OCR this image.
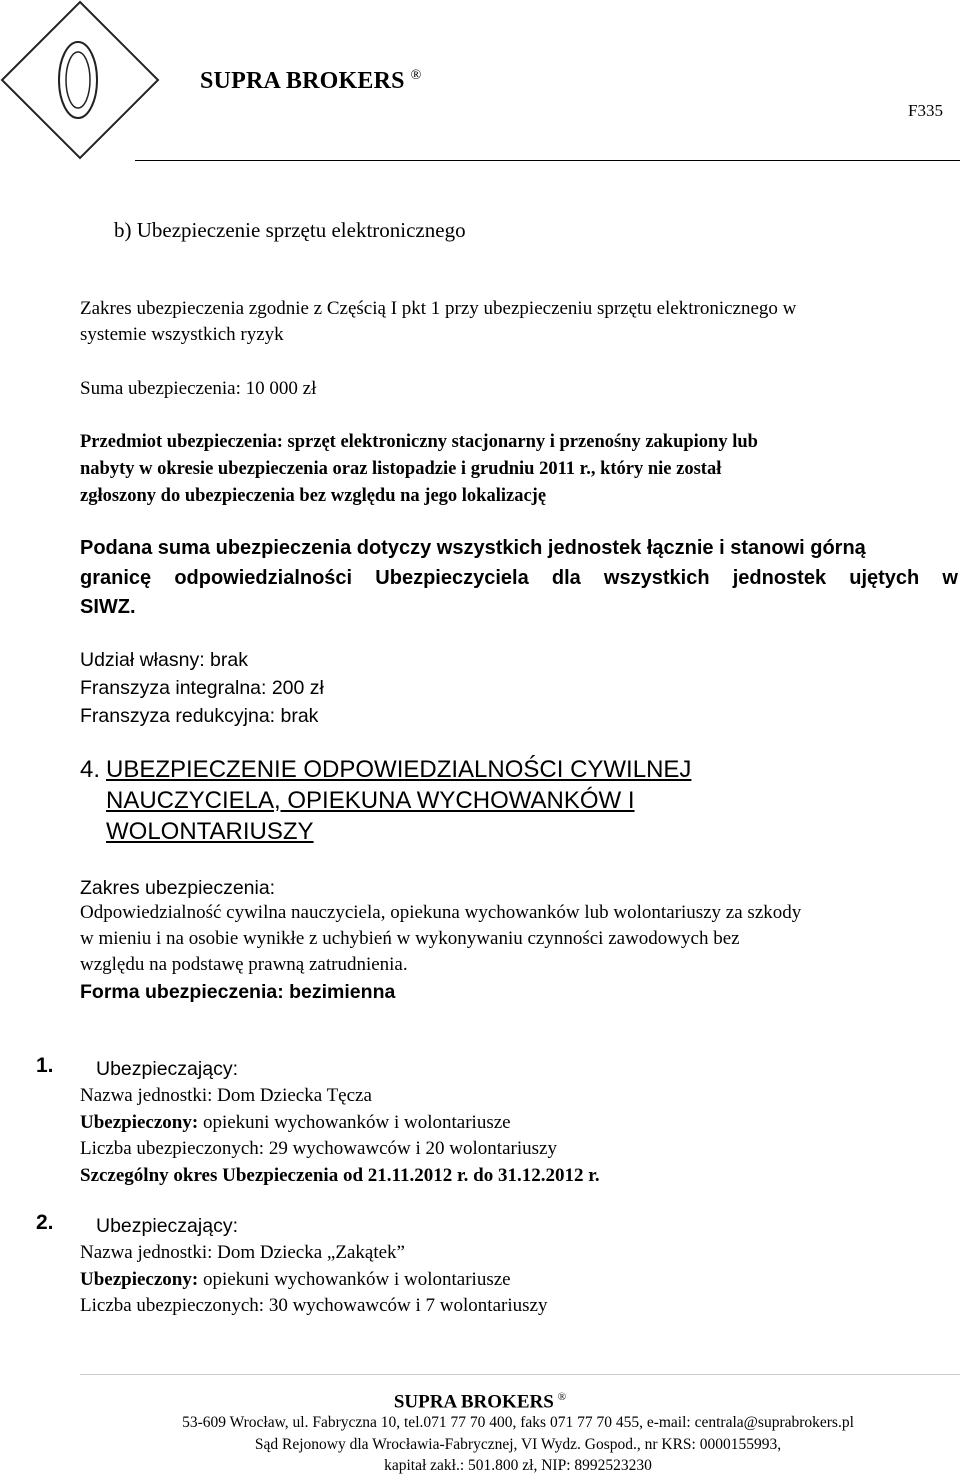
SUPRA BROKERS ®
F335
b) Ubezpieczenie sprzętu elektronicznego
Zakres ubezpieczenia zgodnie z Częścią I pkt 1 przy ubezpieczeniu sprzętu elektronicznego w
systemie wszystkich ryzyk
Suma ubezpieczenia: 10 000 zł
Przedmiot ubezpieczenia: sprzęt elektroniczny stacjonarny i przenośny zakupiony lub
nabyty w okresie ubezpieczenia oraz listopadzie i grudniu 2011 r., który nie został
zgłoszony do ubezpieczenia bez względu na jego lokalizację
Podana suma ubezpieczenia dotyczy wszystkich jednostek łącznie i stanowi górną
granicę odpowiedzialności Ubezpieczyciela dla wszystkich jednostek ujętych w
SIWZ.
Udział własny: brak
Franszyza integralna: 200 zł
Franszyza redukcyjna: brak
4. UBEZPIECZENIE ODPOWIEDZIALNOŚCI CYWILNEJ NAUCZYCIELA, OPIEKUNA WYCHOWANKÓW I WOLONTARIUSZY
Zakres ubezpieczenia:
Odpowiedzialność cywilna nauczyciela, opiekuna wychowanków lub wolontariuszy za szkody
w mieniu i na osobie wynikłe z uchybień w wykonywaniu czynności zawodowych bez
względu na podstawę prawną zatrudnienia.
Forma ubezpieczenia: bezimienna
1. Ubezpieczający:
Nazwa jednostki: Dom Dziecka Tęcza
Ubezpieczony: opiekuni wychowanków i wolontariusze
Liczba ubezpieczonych: 29 wychowawców i 20 wolontariuszy
Szczególny okres Ubezpieczenia od 21.11.2012 r. do 31.12.2012 r.
2. Ubezpieczający:
Nazwa jednostki: Dom Dziecka „Zakątek”
Ubezpieczony: opiekuni wychowanków i wolontariusze
Liczba ubezpieczonych: 30 wychowawców i 7 wolontariuszy
SUPRA BROKERS ®
53-609 Wrocław, ul. Fabryczna 10, tel.071 77 70 400, faks 071 77 70 455, e-mail: centrala@suprabrokers.pl
Sąd Rejonowy dla Wrocławia-Fabrycznej, VI Wydz. Gospod., nr KRS: 0000155993,
kapitał zakł.: 501.800 zł, NIP: 8992523230
